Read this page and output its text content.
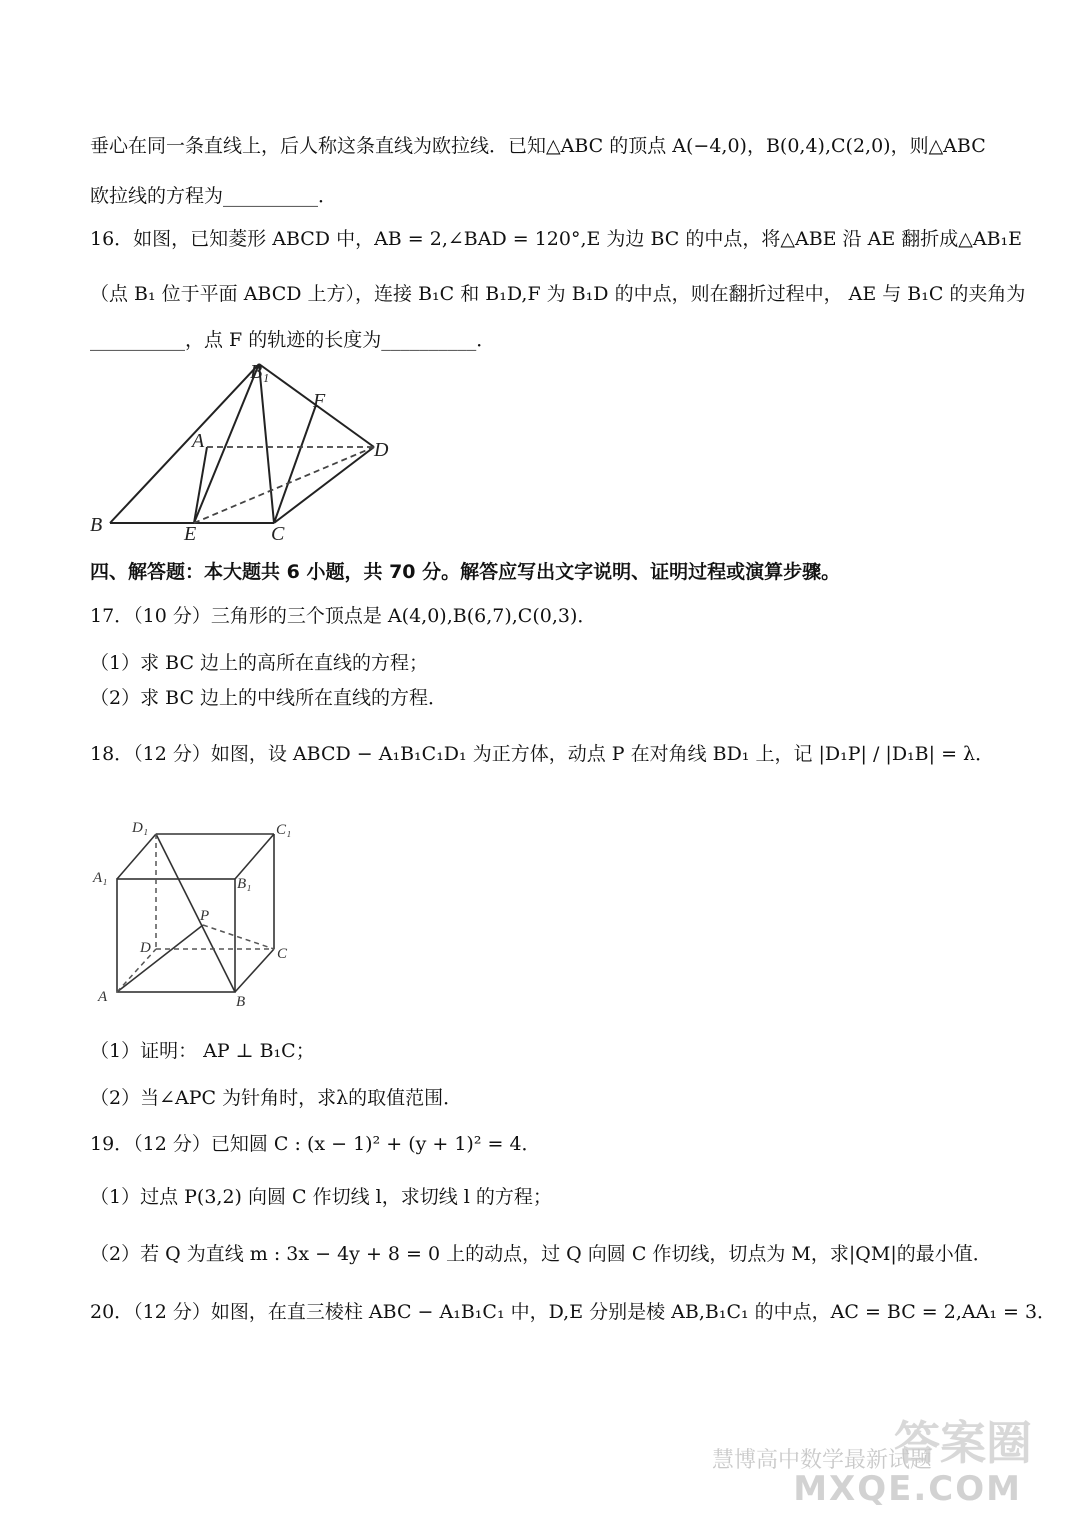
垂心在同一条直线上，后人称这条直线为欧拉线．已知△ABC 的顶点 A(−4,0)，B(0,4),C(2,0)，则△ABC
欧拉线的方程为__________．
16．如图，已知菱形 ABCD 中，AB = 2,∠BAD = 120°,E 为边 BC 的中点，将△ABE 沿 AE 翻折成△AB₁E
（点 B₁ 位于平面 ABCD 上方），连接 B₁C 和 B₁D,F 为 B₁D 的中点，则在翻折过程中， AE 与 B₁C 的夹角为
__________，点 F 的轨迹的长度为__________．
B₁
F
A	D
B	E	C
四、解答题：本大题共 6 小题，共 70 分。解答应写出文字说明、证明过程或演算步骤。
17．（10 分）三角形的三个顶点是 A(4,0),B(6,7),C(0,3)．
（1）求 BC 边上的高所在直线的方程；
（2）求 BC 边上的中线所在直线的方程．
18．（12 分）如图，设 ABCD − A₁B₁C₁D₁ 为正方体，动点 P 在对角线 BD₁ 上，记 |D₁P| / |D₁B| = λ．
D₁	C₁
A₁	B₁
P
D	C
A	B
（1）证明： AP ⊥ B₁C；
（2）当∠APC 为针角时，求λ的取值范围．
19．（12 分）已知圆 C : (x − 1)² + (y + 1)² = 4．
（1）过点 P(3,2) 向圆 C 作切线 l，求切线 l 的方程；
（2）若 Q 为直线 m : 3x − 4y + 8 = 0 上的动点，过 Q 向圆 C 作切线，切点为 M，求|QM|的最小值．
20．（12 分）如图，在直三棱柱 ABC − A₁B₁C₁ 中，D,E 分别是棱 AB,B₁C₁ 的中点，AC = BC = 2,AA₁ = 3．
答案圈
慧博高中数学最新试题
MXQE.COM
